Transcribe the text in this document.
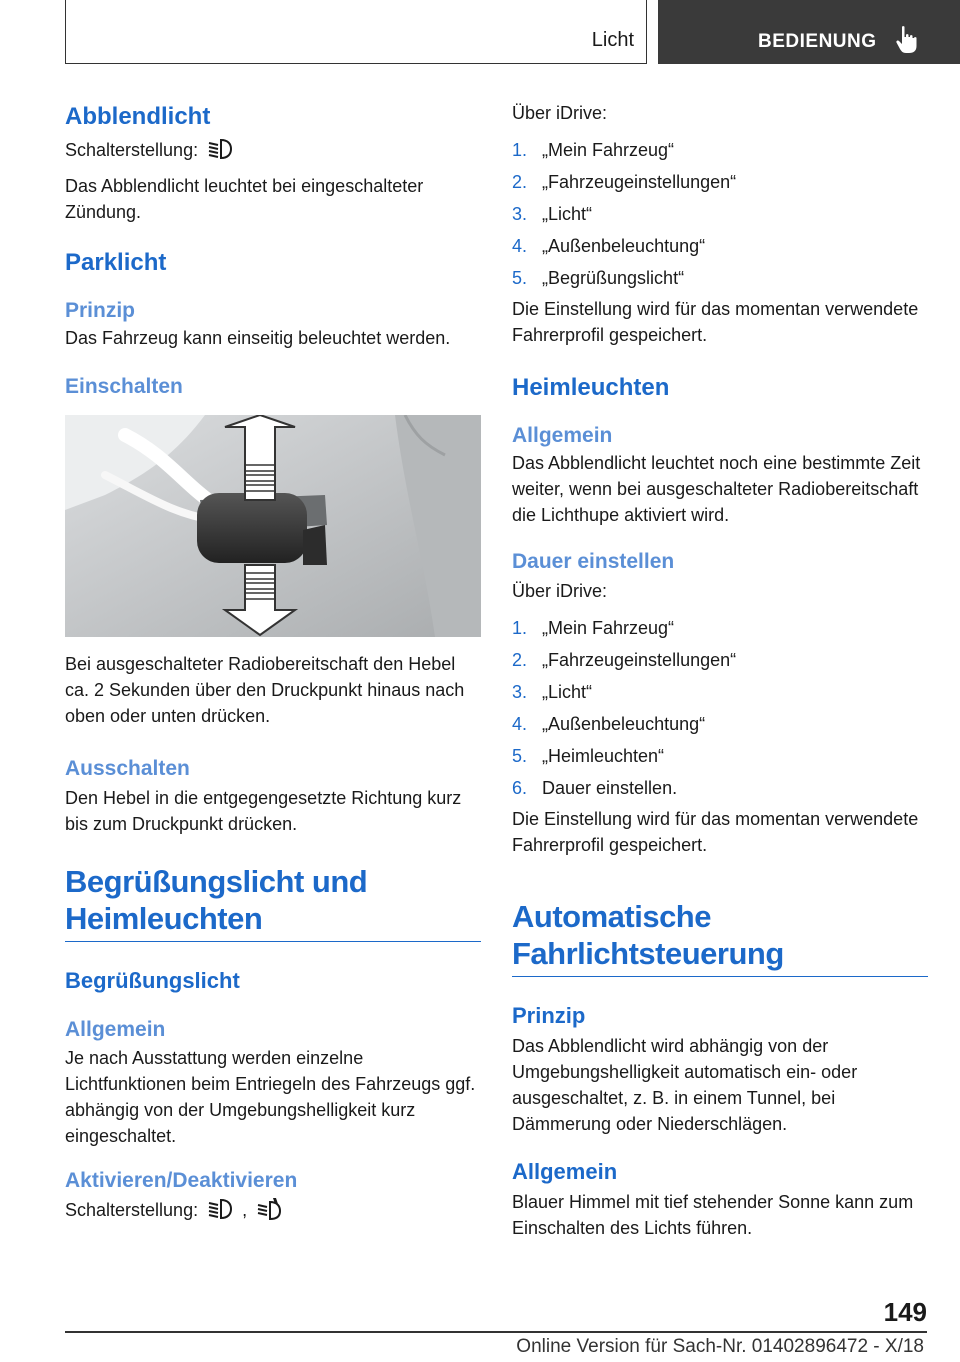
Licht	BEDIENUNG
Abblendlicht

Schalterstellung:

Das Abblendlicht leuchtet bei eingeschalteter Zündung.

Parklicht
Prinzip

Das Fahrzeug kann einseitig beleuchtet werden.

Einschalten

Bei ausgeschalteter Radiobereitschaft den Hebel ca. 2 Sekunden über den Druckpunkt hinaus nach oben oder unten drücken.

Ausschalten

Den Hebel in die entgegengesetzte Richtung kurz bis zum Druckpunkt drücken.

Begrüßungslicht und Heimleuchten
Begrüßungslicht
Allgemein

Je nach Ausstattung werden einzelne Lichtfunktionen beim Entriegeln des Fahrzeugs ggf. abhängig von der Umgebungshelligkeit kurz eingeschaltet.

Aktivieren/Deaktivieren

Schalterstellung: ,

Über iDrive:

1. „Mein Fahrzeug“
2. „Fahrzeugeinstellungen“
3. „Licht“
4. „Außenbeleuchtung“
5. „Begrüßungslicht“

Die Einstellung wird für das momentan verwendete Fahrerprofil gespeichert.

Heimleuchten
Allgemein

Das Abblendlicht leuchtet noch eine bestimmte Zeit weiter, wenn bei ausgeschalteter Radiobereitschaft die Lichthupe aktiviert wird.

Dauer einstellen

Über iDrive:

1. „Mein Fahrzeug“
2. „Fahrzeugeinstellungen“
3. „Licht“
4. „Außenbeleuchtung“
5. „Heimleuchten“
6. Dauer einstellen.

Die Einstellung wird für das momentan verwendete Fahrerprofil gespeichert.

Automatische Fahrlichtsteuerung
Prinzip

Das Abblendlicht wird abhängig von der Umgebungshelligkeit automatisch ein- oder ausgeschaltet, z. B. in einem Tunnel, bei Dämmerung oder Niederschlägen.

Allgemein

Blauer Himmel mit tief stehender Sonne kann zum Einschalten des Lichts führen.

149
Online Version für Sach-Nr. 01402896472 - X/18
